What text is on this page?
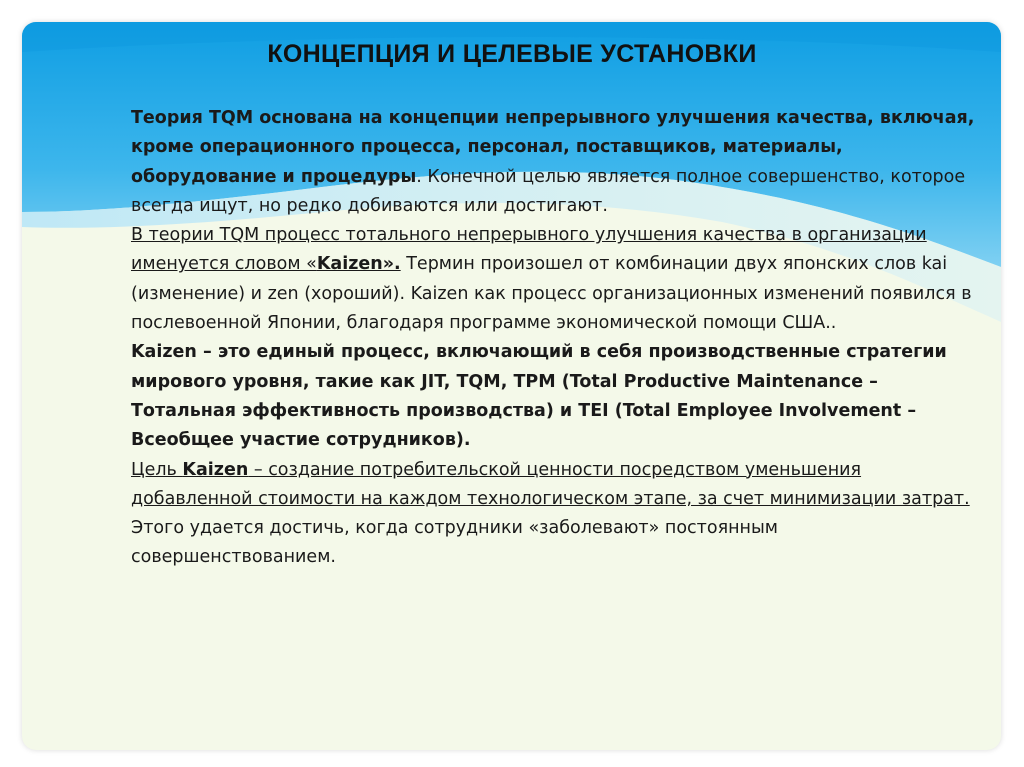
КОНЦЕПЦИЯ И ЦЕЛЕВЫЕ УСТАНОВКИ

Теория TQM основана на концепции непрерывного улучшения качества, включая, кроме операционного процесса, персонал, поставщиков, материалы, оборудование и процедуры. Конечной целью является полное совершенство, которое всегда ищут, но редко добиваются или достигают.

В теории TQM процесс тотального непрерывного улучшения качества в организации именуется словом «Kaizen». Термин произошел от комбинации двух японских слов kai (изменение) и zen (хороший). Kaizen как процесс организационных изменений появился в послевоенной Японии, благодаря программе экономической помощи США..

Kaizen – это единый процесс, включающий в себя производственные стратегии мирового уровня, такие как JIT, TQM, TPM (Total Productive Maintenance – Тотальная эффективность производства) и TEI (Total Employee Involvement – Всеобщее участие сотрудников).

Цель Kaizen – создание потребительской ценности посредством уменьшения добавленной стоимости на каждом технологическом этапе, за счет минимизации затрат. Этого удается достичь, когда сотрудники «заболевают» постоянным совершенствованием.
